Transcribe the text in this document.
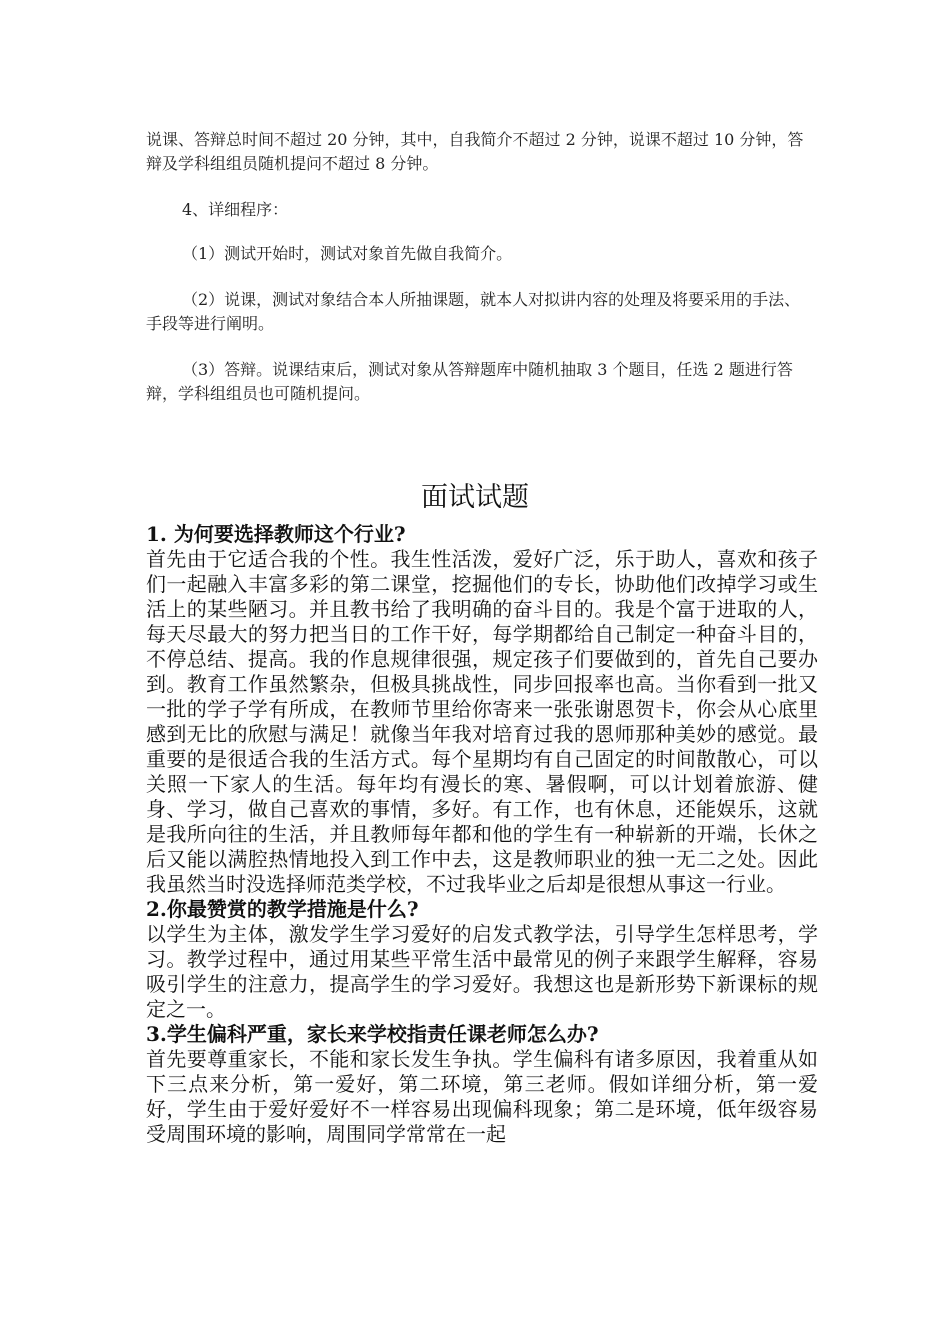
说课、答辩总时间不超过 20 分钟，其中，自我简介不超过 2 分钟，说课不超过 10 分钟，答辩及学科组组员随机提问不超过 8 分钟。
4、详细程序：
（1）测试开始时，测试对象首先做自我简介。
（2）说课，测试对象结合本人所抽课题，就本人对拟讲内容的处理及将要采用的手法、手段等进行阐明。
（3）答辩。说课结束后，测试对象从答辩题库中随机抽取 3 个题目，任选 2 题进行答辩，学科组组员也可随机提问。
面试试题
1. 为何要选择教师这个行业?
首先由于它适合我的个性。我生性活泼，爱好广泛，乐于助人，喜欢和孩子们一起融入丰富多彩的第二课堂，挖掘他们的专长，协助他们改掉学习或生活上的某些陋习。并且教书给了我明确的奋斗目的。我是个富于进取的人，每天尽最大的努力把当日的工作干好，每学期都给自己制定一种奋斗目的，不停总结、提高。我的作息规律很强，规定孩子们要做到的，首先自己要办到。教育工作虽然繁杂，但极具挑战性，同步回报率也高。当你看到一批又一批的学子学有所成，在教师节里给你寄来一张张谢恩贺卡，你会从心底里感到无比的欣慰与满足！就像当年我对培育过我的恩师那种美妙的感觉。最重要的是很适合我的生活方式。每个星期均有自己固定的时间散散心，可以关照一下家人的生活。每年均有漫长的寒、暑假啊，可以计划着旅游、健身、学习，做自己喜欢的事情，多好。有工作，也有休息，还能娱乐，这就是我所向往的生活，并且教师每年都和他的学生有一种崭新的开端，长休之后又能以满腔热情地投入到工作中去，这是教师职业的独一无二之处。因此我虽然当时没选择师范类学校，不过我毕业之后却是很想从事这一行业。
2.你最赞赏的教学措施是什么?
以学生为主体，激发学生学习爱好的启发式教学法，引导学生怎样思考，学习。教学过程中，通过用某些平常生活中最常见的例子来跟学生解释，容易吸引学生的注意力，提高学生的学习爱好。我想这也是新形势下新课标的规定之一。
3.学生偏科严重，家长来学校指责任课老师怎么办?
首先要尊重家长，不能和家长发生争执。学生偏科有诸多原因，我着重从如下三点来分析，第一爱好，第二环境，第三老师。假如详细分析，第一爱好，学生由于爱好爱好不一样容易出现偏科现象；第二是环境，低年级容易受周围环境的影响，周围同学常常在一起
